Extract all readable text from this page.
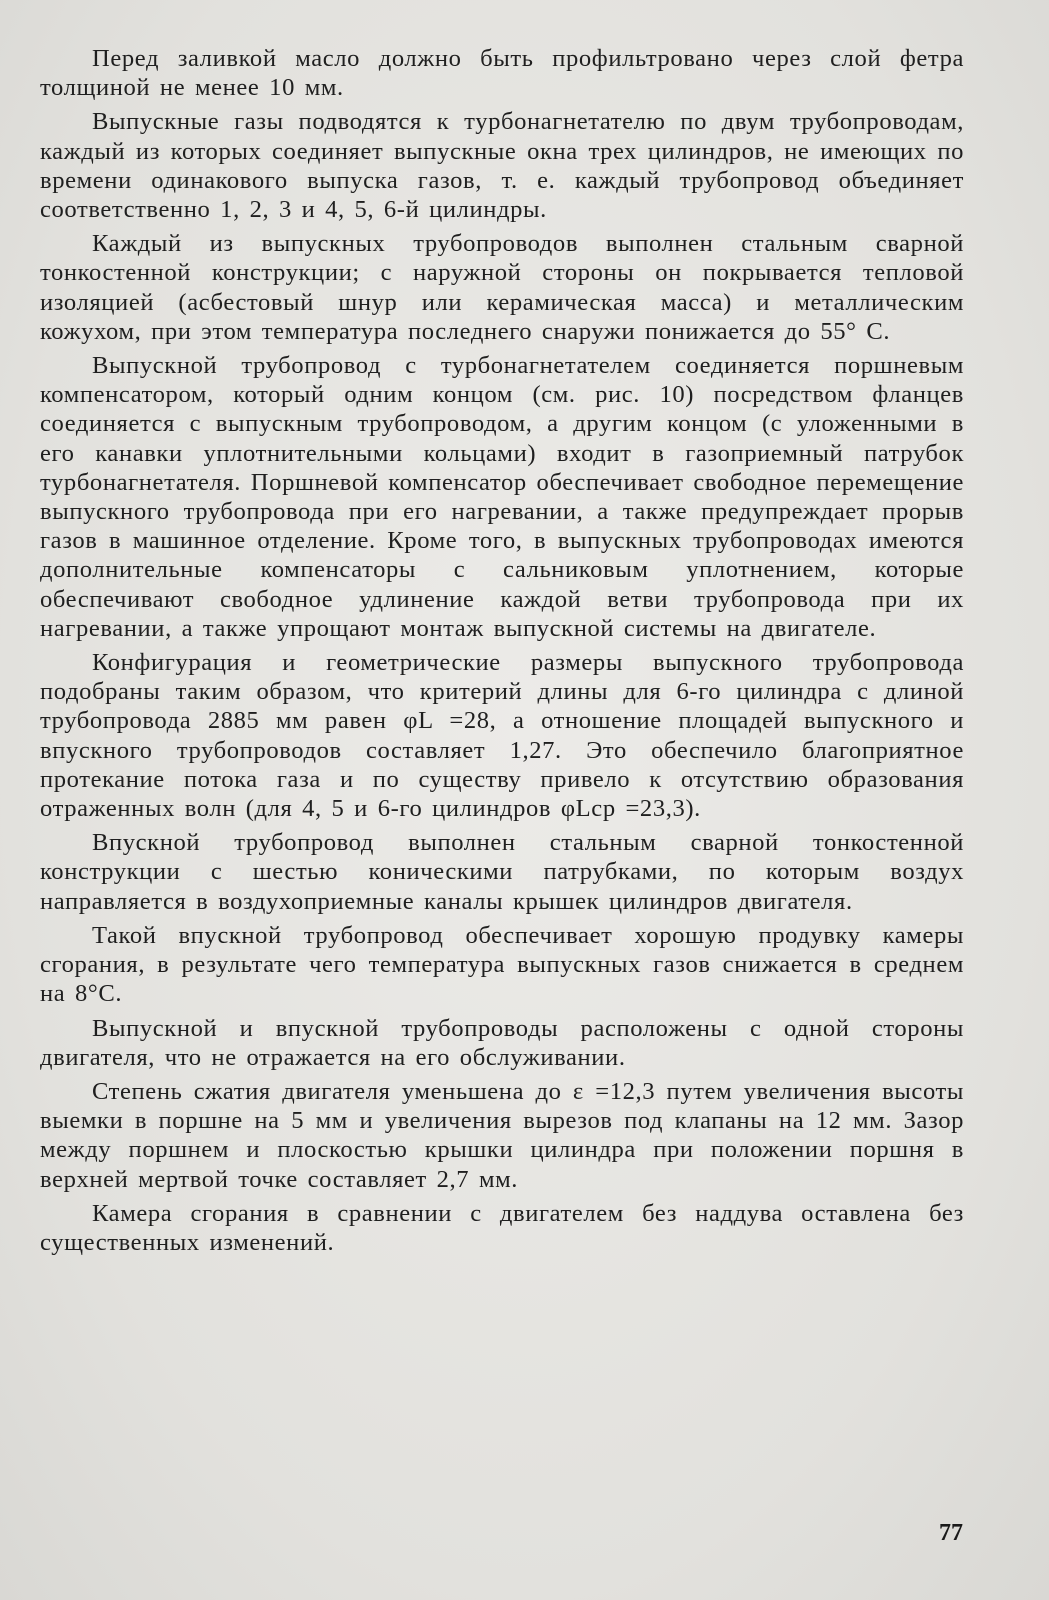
Перед заливкой масло должно быть профильтровано через слой фетра толщиной не менее 10 мм.

Выпускные газы подводятся к турбонагнетателю по двум трубопроводам, каждый из которых соединяет выпускные окна трех цилиндров, не имеющих по времени одинакового выпуска газов, т. е. каждый трубопровод объединяет соответственно 1, 2, 3 и 4, 5, 6-й цилиндры.

Каждый из выпускных трубопроводов выполнен стальным сварной тонкостенной конструкции; с наружной стороны он покрывается тепловой изоляцией (асбестовый шнур или керамическая масса) и металлическим кожухом, при этом температура последнего снаружи понижается до 55° С.

Выпускной трубопровод с турбонагнетателем соединяется поршневым компенсатором, который одним концом (см. рис. 10) посредством фланцев соединяется с выпускным трубопроводом, а другим концом (с уложенными в его канавки уплотнительными кольцами) входит в газоприемный патрубок турбонагнетателя. Поршневой компенсатор обеспечивает свободное перемещение выпускного трубопровода при его нагревании, а также предупреждает прорыв газов в машинное отделение. Кроме того, в выпускных трубопроводах имеются дополнительные компенсаторы с сальниковым уплотнением, которые обеспечивают свободное удлинение каждой ветви трубопровода при их нагревании, а также упрощают монтаж выпускной системы на двигателе.

Конфигурация и геометрические размеры выпускного трубопровода подобраны таким образом, что критерий длины для 6-го цилиндра с длиной трубопровода 2885 мм равен φL =28, а отношение площадей выпускного и впускного трубопроводов составляет 1,27. Это обеспечило благоприятное протекание потока газа и по существу привело к отсутствию образования отраженных волн (для 4, 5 и 6-го цилиндров φLср =23,3).

Впускной трубопровод выполнен стальным сварной тонкостенной конструкции с шестью коническими патрубками, по которым воздух направляется в воздухоприемные каналы крышек цилиндров двигателя.

Такой впускной трубопровод обеспечивает хорошую продувку камеры сгорания, в результате чего температура выпускных газов снижается в среднем на 8°С.

Выпускной и впускной трубопроводы расположены с одной стороны двигателя, что не отражается на его обслуживании.

Степень сжатия двигателя уменьшена до ε =12,3 путем увеличения высоты выемки в поршне на 5 мм и увеличения вырезов под клапаны на 12 мм. Зазор между поршнем и плоскостью крышки цилиндра при положении поршня в верхней мертвой точке составляет 2,7 мм.

Камера сгорания в сравнении с двигателем без наддува оставлена без существенных изменений.

77
